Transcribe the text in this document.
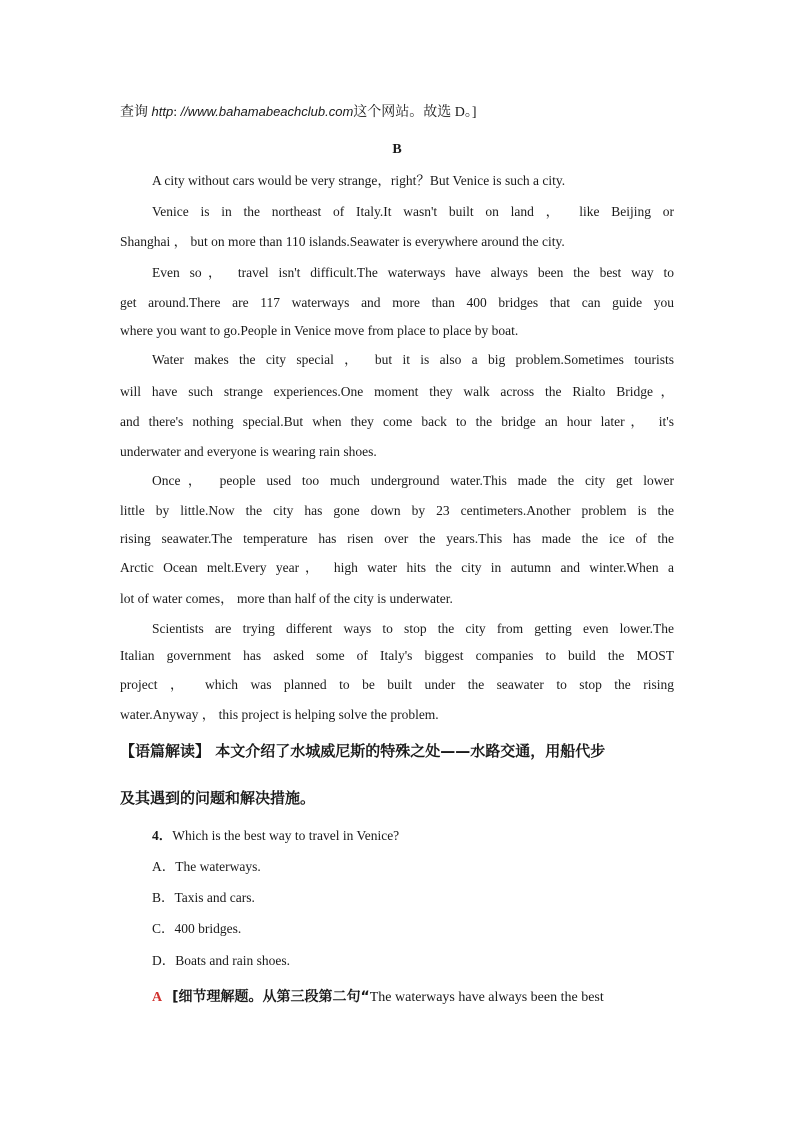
查询 http: //www.bahamabeachclub.com这个网站。故选 D。]
B
A city without cars would be very strange，right？But Venice is such a city.
Venice is in the northeast of Italy.It wasn't built on land ， like Beijing or
Shanghai ， but on more than 110 islands.Seawater is everywhere around the city.
Even so， travel isn't difficult.The waterways have always been the best way to
get around.There are 117 waterways and more than 400 bridges that can guide you
where you want to go.People in Venice move from place to place by boat.
Water makes the city special ， but it is also a big problem.Sometimes tourists
will have such strange experiences.One moment they walk across the Rialto Bridge，
and there's nothing special.But when they come back to the bridge an hour later， it's
underwater and everyone is wearing rain shoes.
Once， people used too much underground water.This made the city get lower
little by little.Now the city has gone down by 23 centimeters.Another problem is the
rising seawater.The temperature has risen over the years.This has made the ice of the
Arctic Ocean melt.Every year， high water hits the city in autumn and winter.When a
lot of water comes， more than half of the city is underwater.
Scientists are trying different ways to stop the city from getting even lower.The
Italian government has asked some of Italy's biggest companies to build the MOST
project ， which was planned to be built under the seawater to stop the rising
water.Anyway ， this project is helping solve the problem.
【语篇解读】 本文介绍了水城威尼斯的特殊之处——水路交通，用船代步
及其遇到的问题和解决措施。
4．Which is the best way to travel in Venice?
A．The waterways.
B．Taxis and cars.
C．400 bridges.
D．Boats and rain shoes.
A [细节理解题。从第三段第二句“The waterways have always been the best
